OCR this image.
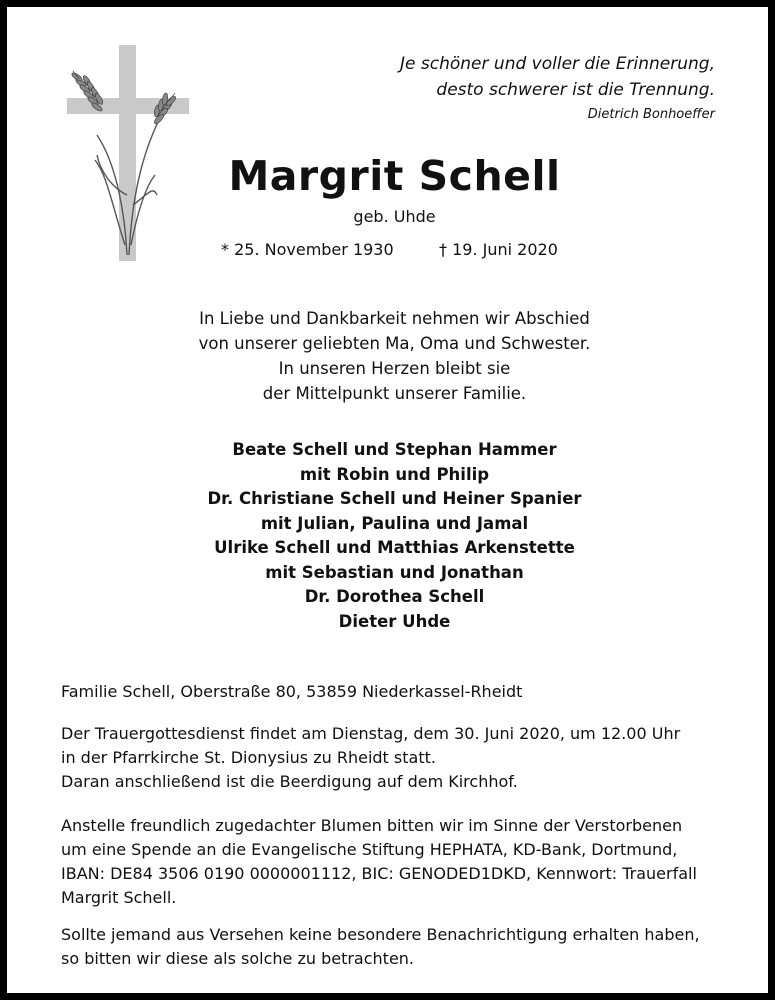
Je schöner und voller die Erinnerung,
desto schwerer ist die Trennung.
Dietrich Bonhoeffer
Margrit Schell
geb. Uhde
* 25. November 1930	† 19. Juni 2020
In Liebe und Dankbarkeit nehmen wir Abschied
von unserer geliebten Ma, Oma und Schwester.
In unseren Herzen bleibt sie
der Mittelpunkt unserer Familie.
Beate Schell und Stephan Hammer
mit Robin und Philip
Dr. Christiane Schell und Heiner Spanier
mit Julian, Paulina und Jamal
Ulrike Schell und Matthias Arkenstette
mit Sebastian und Jonathan
Dr. Dorothea Schell
Dieter Uhde
Familie Schell, Oberstraße 80, 53859 Niederkassel-Rheidt
Der Trauergottesdienst findet am Dienstag, dem 30. Juni 2020, um 12.00 Uhr
in der Pfarrkirche St. Dionysius zu Rheidt statt.
Daran anschließend ist die Beerdigung auf dem Kirchhof.
Anstelle freundlich zugedachter Blumen bitten wir im Sinne der Verstorbenen
um eine Spende an die Evangelische Stiftung HEPHATA, KD-Bank, Dortmund,
IBAN: DE84 3506 0190 0000001112, BIC: GENODED1DKD, Kennwort: Trauerfall
Margrit Schell.
Sollte jemand aus Versehen keine besondere Benachrichtigung erhalten haben,
so bitten wir diese als solche zu betrachten.
